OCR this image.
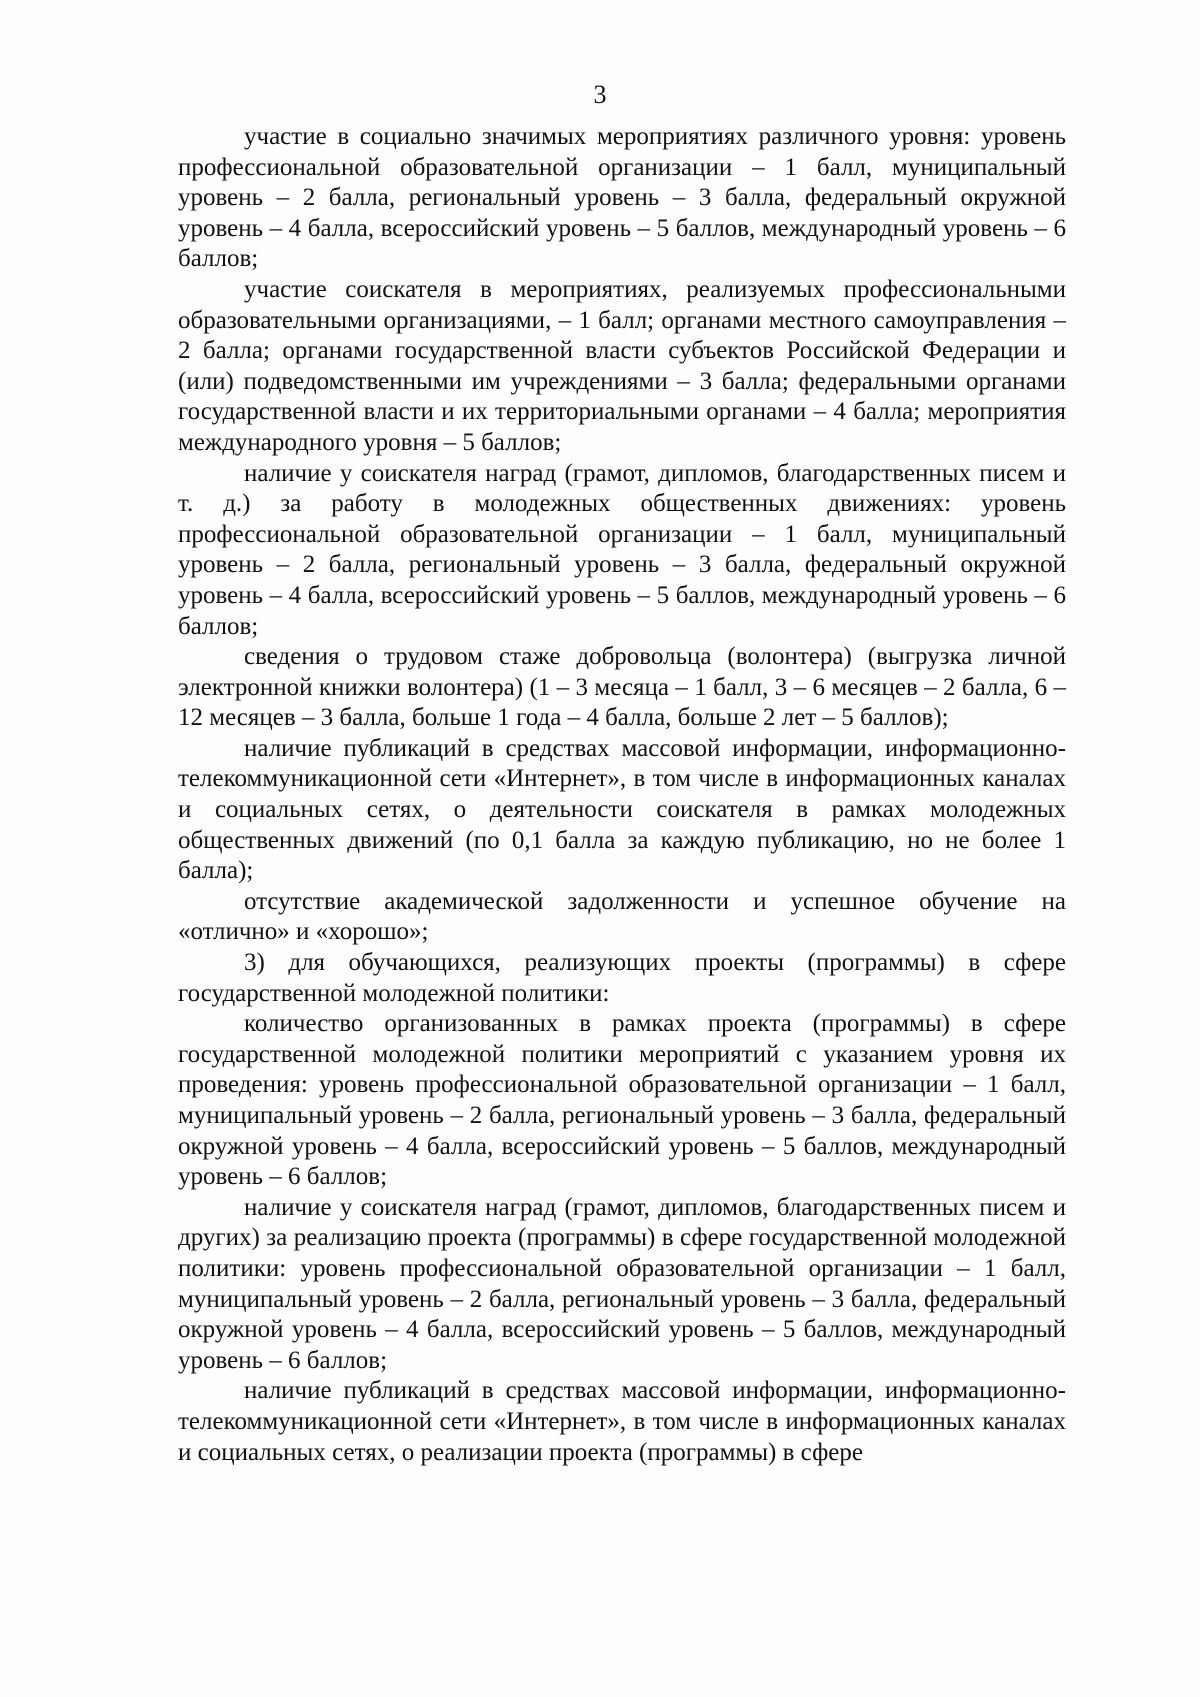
3

участие в социально значимых мероприятиях различного уровня: уровень профессиональной образовательной организации – 1 балл, муниципальный уровень – 2 балла, региональный уровень – 3 балла, федеральный окружной уровень – 4 балла, всероссийский уровень – 5 баллов, международный уровень – 6 баллов;

участие соискателя в мероприятиях, реализуемых профессиональными образовательными организациями, – 1 балл; органами местного самоуправления – 2 балла; органами государственной власти субъектов Российской Федерации и (или) подведомственными им учреждениями – 3 балла; федеральными органами государственной власти и их территориальными органами – 4 балла; мероприятия международного уровня – 5 баллов;

наличие у соискателя наград (грамот, дипломов, благодарственных писем и т. д.) за работу в молодежных общественных движениях: уровень профессиональной образовательной организации – 1 балл, муниципальный уровень – 2 балла, региональный уровень – 3 балла, федеральный окружной уровень – 4 балла, всероссийский уровень – 5 баллов, международный уровень – 6 баллов;

сведения о трудовом стаже добровольца (волонтера) (выгрузка личной электронной книжки волонтера) (1 – 3 месяца – 1 балл, 3 – 6 месяцев – 2 балла, 6 – 12 месяцев – 3 балла, больше 1 года – 4 балла, больше 2 лет – 5 баллов);

наличие публикаций в средствах массовой информации, информационно-телекоммуникационной сети «Интернет», в том числе в информационных каналах и социальных сетях, о деятельности соискателя в рамках молодежных общественных движений (по 0,1 балла за каждую публикацию, но не более 1 балла);

отсутствие академической задолженности и успешное обучение на «отлично» и «хорошо»;

3) для обучающихся, реализующих проекты (программы) в сфере государственной молодежной политики:

количество организованных в рамках проекта (программы) в сфере государственной молодежной политики мероприятий с указанием уровня их проведения: уровень профессиональной образовательной организации – 1 балл, муниципальный уровень – 2 балла, региональный уровень – 3 балла, федеральный окружной уровень – 4 балла, всероссийский уровень – 5 баллов, международный уровень – 6 баллов;

наличие у соискателя наград (грамот, дипломов, благодарственных писем и других) за реализацию проекта (программы) в сфере государственной молодежной политики: уровень профессиональной образовательной организации – 1 балл, муниципальный уровень – 2 балла, региональный уровень – 3 балла, федеральный окружной уровень – 4 балла, всероссийский уровень – 5 баллов, международный уровень – 6 баллов;

наличие публикаций в средствах массовой информации, информационно-телекоммуникационной сети «Интернет», в том числе в информационных каналах и социальных сетях, о реализации проекта (программы) в сфере
